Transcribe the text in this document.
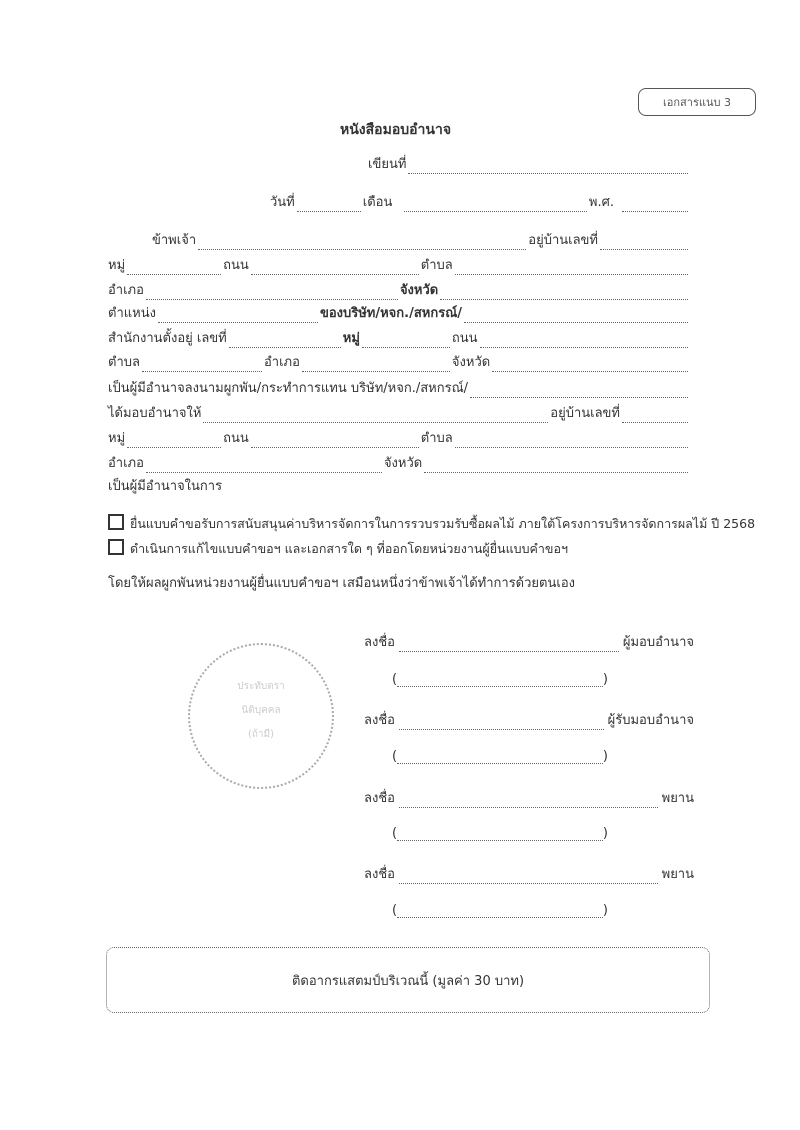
เอกสารแนบ 3
หนังสือมอบอำนาจ
เขียนที่
วันที่	เดือน	พ.ศ.
ข้าพเจ้า	อยู่บ้านเลขที่
หมู่	ถนน	ตำบล
อำเภอ	จังหวัด
ตำแหน่ง	ของบริษัท/หจก./สหกรณ์/
สำนักงานตั้งอยู่ เลขที่	หมู่	ถนน
ตำบล	อำเภอ	จังหวัด
เป็นผู้มีอำนาจลงนามผูกพัน/กระทำการแทน บริษัท/หจก./สหกรณ์/
ได้มอบอำนาจให้	อยู่บ้านเลขที่
หมู่	ถนน	ตำบล
อำเภอ	จังหวัด
เป็นผู้มีอำนาจในการ
ยื่นแบบคำขอรับการสนับสนุนค่าบริหารจัดการในการรวบรวมรับซื้อผลไม้ ภายใต้โครงการบริหารจัดการผลไม้ ปี 2568
ดำเนินการแก้ไขแบบคำขอฯ และเอกสารใด ๆ ที่ออกโดยหน่วยงานผู้ยื่นแบบคำขอฯ
โดยให้ผลผูกพันหน่วยงานผู้ยื่นแบบคำขอฯ เสมือนหนึ่งว่าข้าพเจ้าได้ทำการด้วยตนเอง
ประทับตรา
นิติบุคคล
(ถ้ามี)
ลงชื่อ	ผู้มอบอำนาจ
(	)
ลงชื่อ	ผู้รับมอบอำนาจ
(	)
ลงชื่อ	พยาน
(	)
ลงชื่อ	พยาน
(	)
ติดอากรแสตมป์บริเวณนี้ (มูลค่า 30 บาท)
